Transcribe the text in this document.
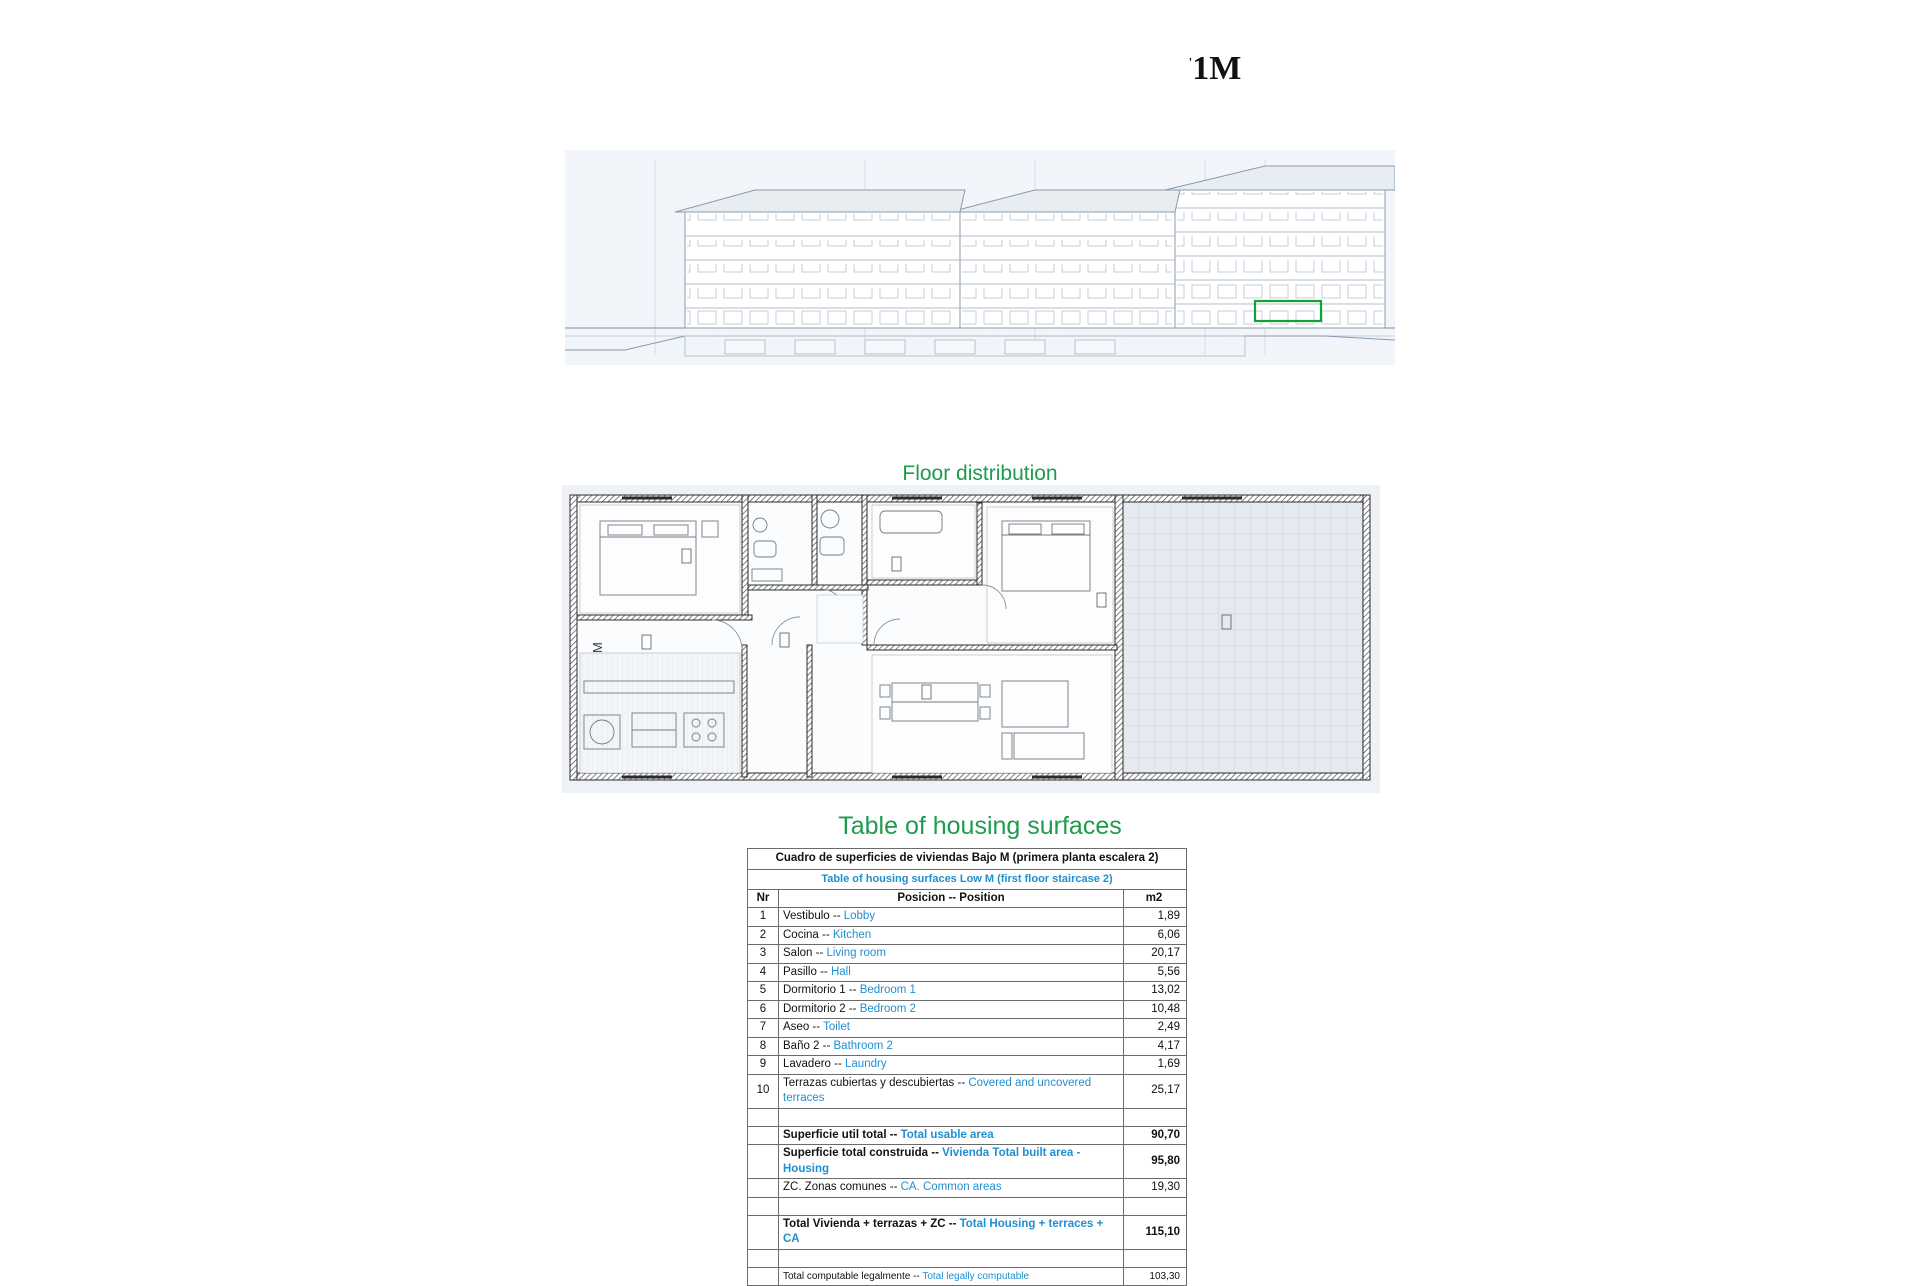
'1M
Floor distribution
M
Table of housing surfaces
Cuadro de superficies de viviendas Bajo M (primera planta escalera 2)		
Table of housing surfaces Low M (first floor staircase 2)		
Nr	Posicion -- Position	m2
1	Vestibulo -- Lobby	1,89
2	Cocina -- Kitchen	6,06
3	Salon -- Living room	20,17
4	Pasillo -- Hall	5,56
5	Dormitorio 1 -- Bedroom 1	13,02
6	Dormitorio 2 -- Bedroom 2	10,48
7	Aseo -- Toilet	2,49
8	Baño 2 -- Bathroom 2	4,17
9	Lavadero -- Laundry	1,69
10	Terrazas cubiertas y descubiertas -- Covered and uncovered terraces	25,17

	Superficie util total -- Total usable area	90,70
	Superficie total construida -- Vivienda Total built area - Housing	95,80
	ZC. Zonas comunes -- CA. Common areas	19,30

	Total Vivienda + terrazas + ZC -- Total Housing + terraces + CA	115,10

	Total computable legalmente -- Total legally computable	103,30
